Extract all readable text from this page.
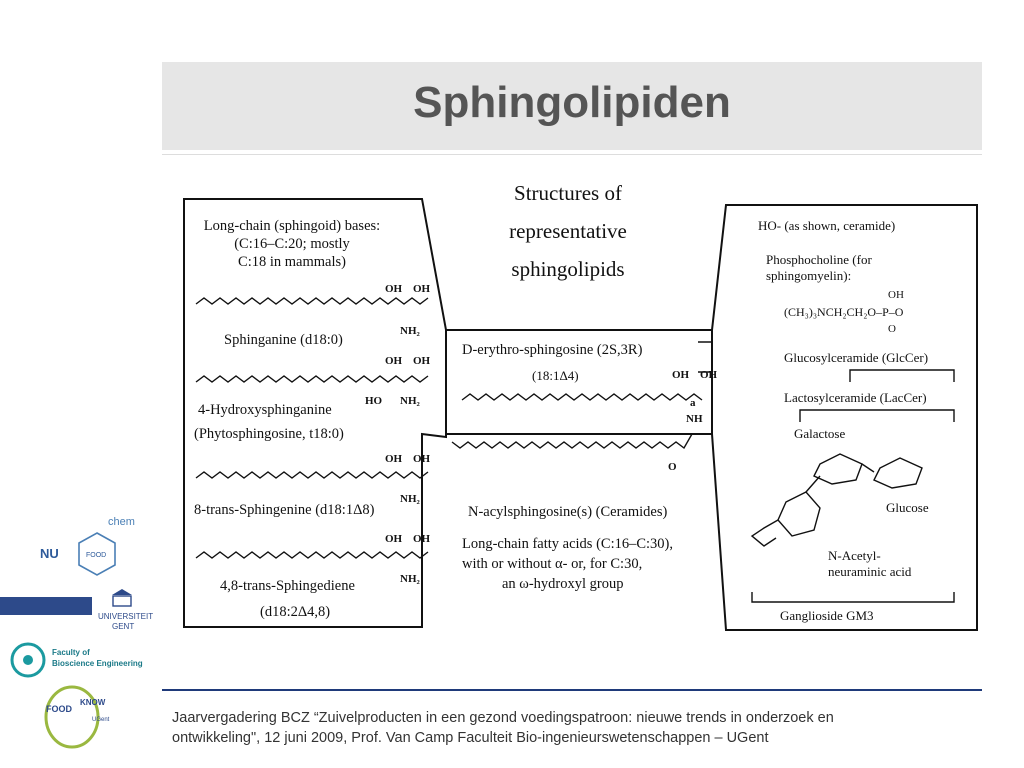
Sphingolipiden
Structures of
representative
sphingolipids
Long-chain (sphingoid) bases:
(C:16–C:20; mostly
C:18 in mammals)
OH OH
NH₂
Sphinganine (d18:0)
OH OH
HO NH₂
4-Hydroxysphinganine
(Phytosphingosine, t18:0)
OH OH
NH₂
8-trans-Sphingenine (d18:1Δ8)
OH OH
NH₂
4,8-trans-Sphingediene
(d18:2Δ4,8)
D-erythro-sphingosine (2S,3R)
(18:1Δ4)	OH OH
a
NH
O
N-acylsphingosine(s) (Ceramides)
Long-chain fatty acids (C:16–C:30),
with or without α- or, for C:30,
an ω-hydroxyl group
HO- (as shown, ceramide)
Phosphocholine (for
sphingomyelin):
OH
(CH₃)₃NCH₂CH₂O–P–O
O
Glucosylceramide (GlcCer)
Lactosylceramide (LacCer)
Galactose
Glucose
N-Acetyl-
neuraminic acid
Ganglioside GM3
chem
NU	FOOD
UNIVERSITEIT
GENT
Faculty of
Bioscience Engineering
FOOD
KNOW
UGent	Jaarvergadering BCZ “Zuivelproducten in een gezond voedingspatroon: nieuwe trends in onderzoek en
ontwikkeling", 12 juni 2009, Prof. Van Camp Faculteit Bio-ingenieurswetenschappen – UGent
